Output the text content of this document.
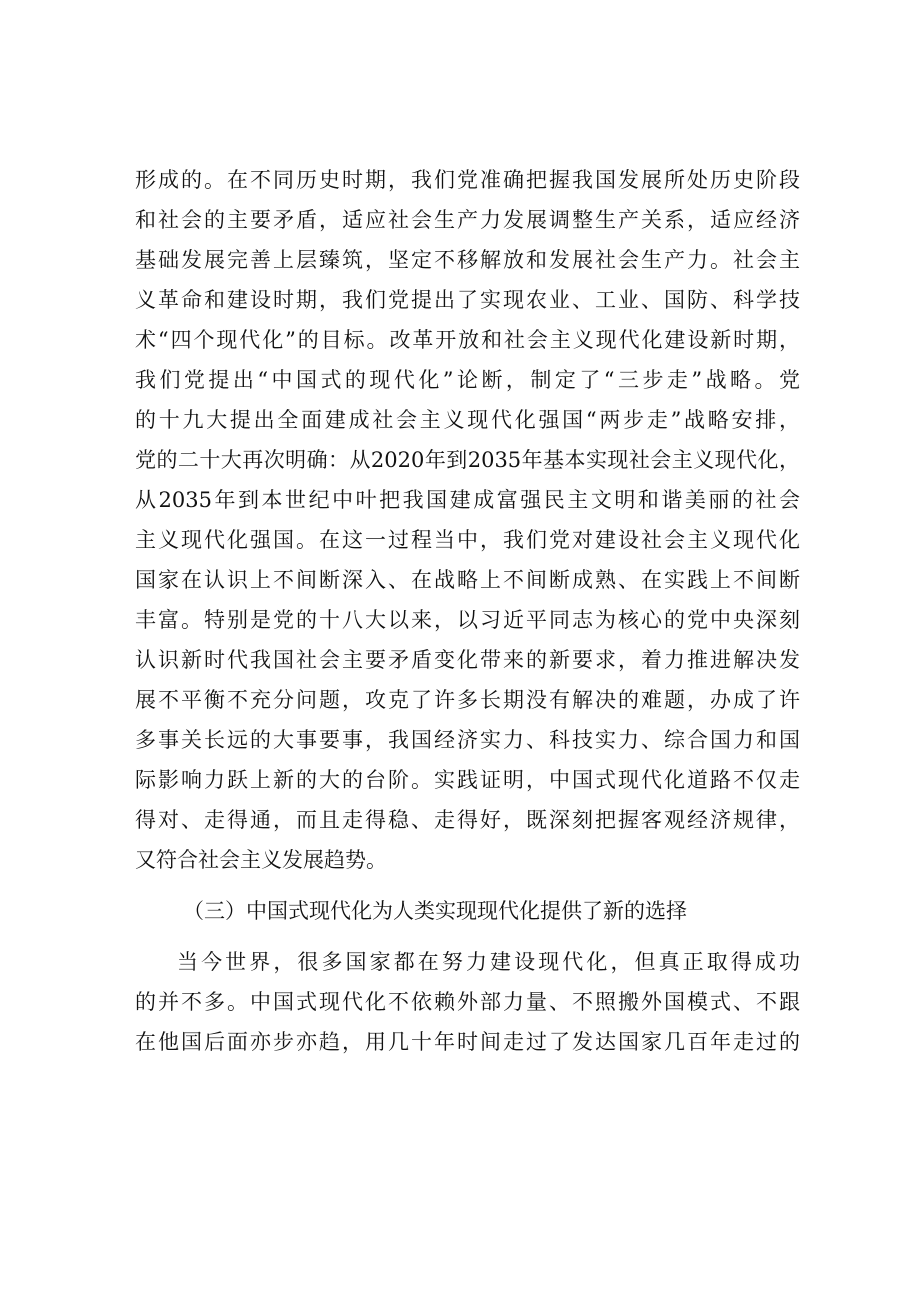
形成的。在不同历史时期，我们党准确把握我国发展所处历史阶段
和社会的主要矛盾，适应社会生产力发展调整生产关系，适应经济
基础发展完善上层臻筑，坚定不移解放和发展社会生产力。社会主
义革命和建设时期，我们党提出了实现农业、工业、国防、科学技
术“四个现代化”的目标。改革开放和社会主义现代化建设新时期，
我们党提出“中国式的现代化”论断，制定了“三步走”战略。党
的十九大提出全面建成社会主义现代化强国“两步走”战略安排，
党的二十大再次明确：从2020年到2035年基本实现社会主义现代化，
从2035年到本世纪中叶把我国建成富强民主文明和谐美丽的社会
主义现代化强国。在这一过程当中，我们党对建设社会主义现代化
国家在认识上不间断深入、在战略上不间断成熟、在实践上不间断
丰富。特别是党的十八大以来，以习近平同志为核心的党中央深刻
认识新时代我国社会主要矛盾变化带来的新要求，着力推进解决发
展不平衡不充分问题，攻克了许多长期没有解决的难题，办成了许
多事关长远的大事要事，我国经济实力、科技实力、综合国力和国
际影响力跃上新的大的台阶。实践证明，中国式现代化道路不仅走
得对、走得通，而且走得稳、走得好，既深刻把握客观经济规律，
又符合社会主义发展趋势。
（三）中国式现代化为人类实现现代化提供了新的选择
当今世界，很多国家都在努力建设现代化，但真正取得成功
的并不多。中国式现代化不依赖外部力量、不照搬外国模式、不跟
在他国后面亦步亦趋，用几十年时间走过了发达国家几百年走过的
